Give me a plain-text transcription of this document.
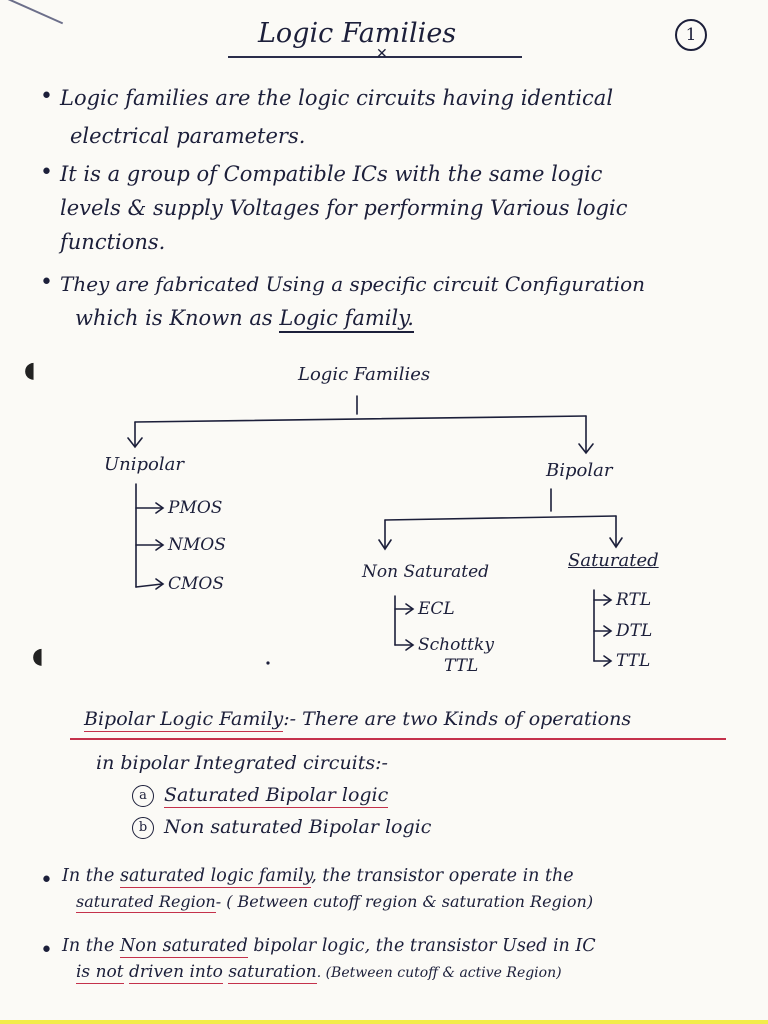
Logic Families
✕
1
• Logic families are the logic circuits having identical
electrical parameters.
• It is a group of Compatible ICs with the same logic
levels & supply Voltages for performing Various logic
functions.
• They are fabricated Using a specific circuit Configuration
which is Known as Logic family.
◖
◖
Logic Families
Unipolar
PMOS
NMOS
CMOS
Bipolar
Non Saturated
Saturated
ECL
Schottky
TTL
RTL
DTL
TTL
Bipolar Logic Family:- There are two Kinds of operations
in bipolar Integrated circuits:-
a Saturated Bipolar logic
b Non saturated Bipolar logic
• In the saturated logic family, the transistor operate in the
saturated Region- ( Between cutoff region & saturation Region)
• In the Non saturated bipolar logic, the transistor Used in IC
is not driven into saturation. (Between cutoff & active Region)
